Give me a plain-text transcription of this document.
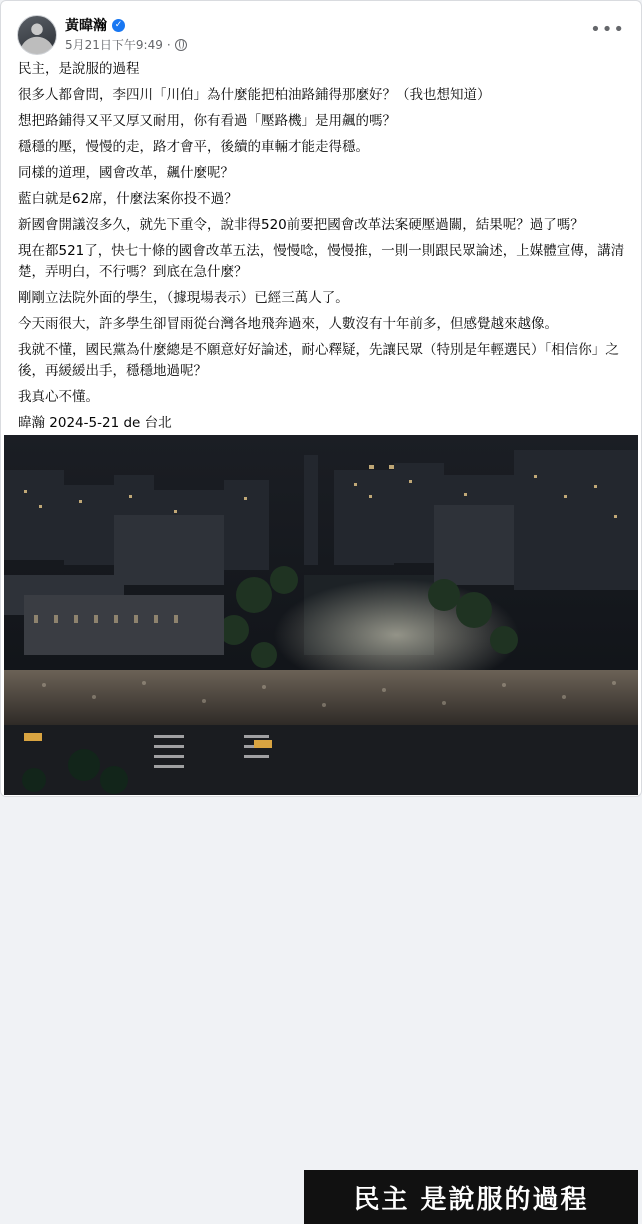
黃暐瀚 ✓
5月21日下午9:49 ·
•••

民主，是說服的過程

很多人都會問，李四川「川伯」為什麼能把柏油路鋪得那麼好？（我也想知道）

想把路鋪得又平又厚又耐用，你有看過「壓路機」是用飆的嗎？

穩穩的壓，慢慢的走，路才會平，後續的車輛才能走得穩。

同樣的道理，國會改革，飆什麼呢？

藍白就是62席，什麼法案你投不過？

新國會開議沒多久，就先下重令，說非得520前要把國會改革法案硬壓過關，結果呢？過了嗎？

現在都521了，快七十條的國會改革五法，慢慢唸，慢慢推，一則一則跟民眾論述，上媒體宣傳，講清楚，弄明白，不行嗎？到底在急什麼？

剛剛立法院外面的學生，（據現場表示）已經三萬人了。

今天雨很大，許多學生卻冒雨從台灣各地飛奔過來，人數沒有十年前多，但感覺越來越像。

我就不懂，國民黨為什麼總是不願意好好論述，耐心釋疑，先讓民眾（特別是年輕選民）「相信你」之後，再緩緩出手，穩穩地過呢？

我真心不懂。

暐瀚 2024-5-21 de 台北

民主 是說服的過程
